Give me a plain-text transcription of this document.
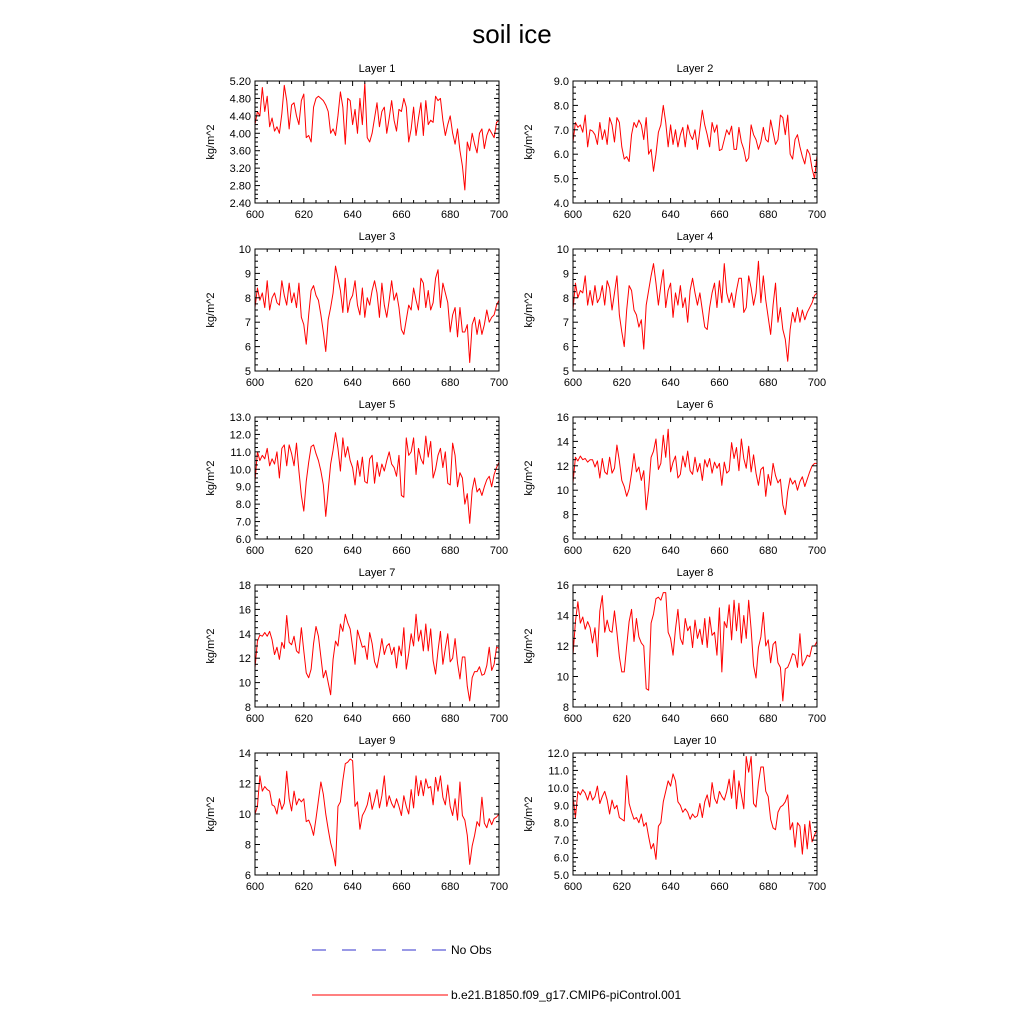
soil ice
Layer 1
kg/m^2
600	620	640	660	680	700
2.40
2.80
3.20
3.60
4.00
4.40
4.80
5.20
Layer 2
kg/m^2
600	620	640	660	680	700
4.0
5.0
6.0
7.0
8.0
9.0
Layer 3
kg/m^2
600	620	640	660	680	700
5
6
7
8
9
10
Layer 4
kg/m^2
600	620	640	660	680	700
5
6
7
8
9
10
Layer 5
kg/m^2
600	620	640	660	680	700
6.0
7.0
8.0
9.0
10.0
11.0
12.0
13.0
Layer 6
kg/m^2
600	620	640	660	680	700
6
8
10
12
14
16
Layer 7
kg/m^2
600	620	640	660	680	700
8
10
12
14
16
18
Layer 8
kg/m^2
600	620	640	660	680	700
8
10
12
14
16
Layer 9
kg/m^2
600	620	640	660	680	700
6
8
10
12
14
Layer 10
kg/m^2
600	620	640	660	680	700
5.0
6.0
7.0
8.0
9.0
10.0
11.0
12.0
No Obs
b.e21.B1850.f09_g17.CMIP6-piControl.001
